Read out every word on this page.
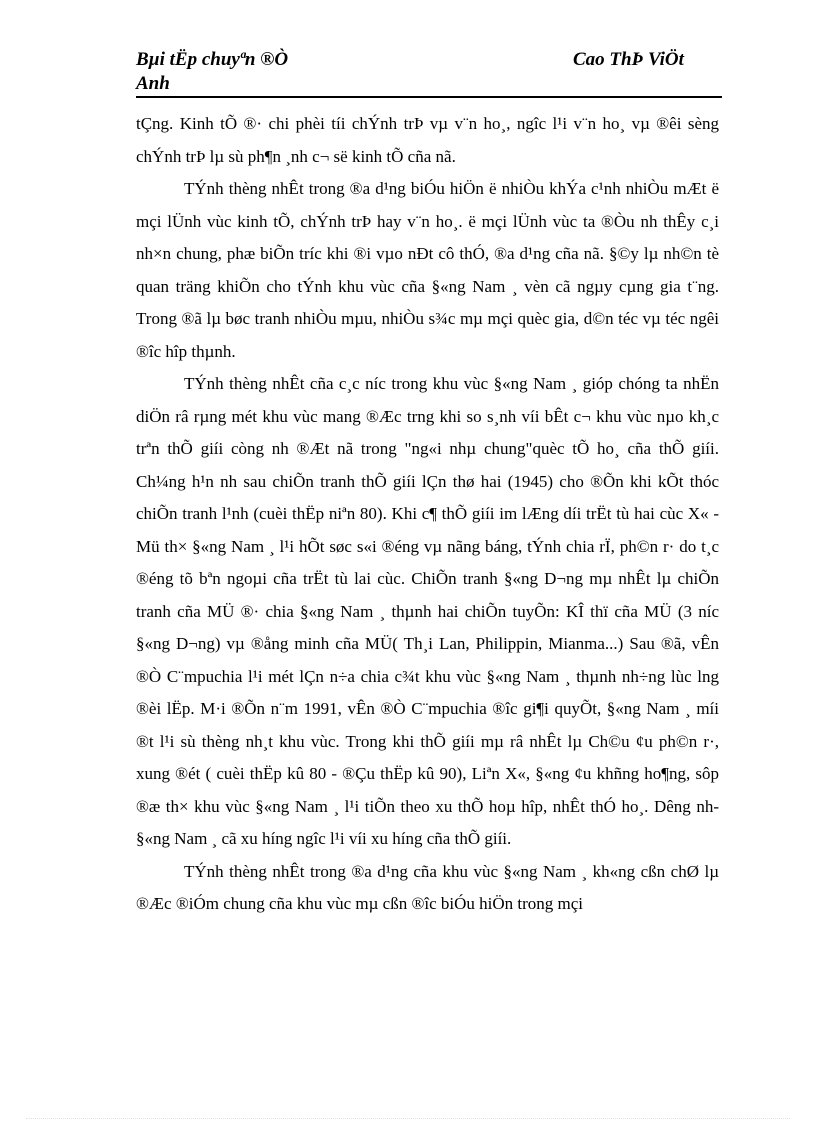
Bµi tËp chuyªn ®Ò
Anh
Cao ThÞ ViÖt

tÇng. Kinh tÕ ®· chi phèi tíi chÝnh trÞ vµ v¨n ho¸, ngîc l¹i v¨n ho¸ vµ ®êi sèng chÝnh trÞ lµ sù ph¶n ¸nh c¬ së kinh tÕ cña nã.

TÝnh thèng nhÊt trong ®a d¹ng biÓu hiÖn ë nhiÒu khÝa c¹nh nhiÒu mÆt ë mçi lÜnh vùc kinh tÕ, chÝnh trÞ hay v¨n ho¸. ë mçi lÜnh vùc ta ®Òu nh thÊy c¸i nh×n chung, phæ biÕn tríc khi ®i vµo nÐt cô thÓ, ®a d¹ng cña nã. §©y lµ nh©n tè quan träng khiÕn cho tÝnh khu vùc cña §«ng Nam ¸ vèn cã ngµy cµng gia t¨ng. Trong ®ã lµ bøc tranh nhiÒu mµu, nhiÒu s¾c mµ mçi quèc gia, d©n téc vµ téc ngêi ®îc hîp thµnh.

TÝnh thèng nhÊt cña c¸c níc trong khu vùc §«ng Nam ¸ gióp chóng ta nhËn diÖn râ rµng mét khu vùc mang ®Æc trng khi so s¸nh víi bÊt c¬ khu vùc nµo kh¸c trªn thÕ giíi còng nh ®Æt nã trong "ng«i nhµ chung"quèc tÕ ho¸ cña thÕ giíi. Ch¼ng h¹n nh sau chiÕn tranh thÕ giíi lÇn thø hai (1945) cho ®Õn khi kÕt thóc chiÕn tranh l¹nh (cuèi thËp niªn 80). Khi c¶ thÕ giíi im lÆng díi trËt tù hai cùc X« - Mü th× §«ng Nam ¸ l¹i hÕt søc s«i ®éng vµ nãng báng, tÝnh chia rÏ, ph©n r· do t¸c ®éng tõ bªn ngoµi cña trËt tù lai cùc. ChiÕn tranh §«ng D¬ng mµ nhÊt lµ chiÕn tranh cña MÜ ®· chia §«ng Nam ¸ thµnh hai chiÕn tuyÕn: KÎ thï cña MÜ (3 níc §«ng D¬ng) vµ ®ång minh cña MÜ( Th¸i Lan, Philippin, Mianma...) Sau ®ã, vÊn ®Ò C¨mpuchia l¹i mét lÇn n÷a chia c¾t khu vùc §«ng Nam ¸ thµnh nh÷ng lùc lng ®èi lËp. M·i ®Õn n¨m 1991, vÊn ®Ò C¨mpuchia ®îc gi¶i quyÕt, §«ng Nam ¸ míi ®t l¹i sù thèng nh¸t khu vùc. Trong khi thÕ giíi mµ râ nhÊt lµ Ch©u ¢u ph©n r·, xung ®ét ( cuèi thËp kû 80 - ®Çu thËp kû 90), Liªn X«, §«ng ¢u khñng ho¶ng, sôp ®æ th× khu vùc §«ng Nam ¸ l¹i tiÕn theo xu thÕ hoµ hîp, nhÊt thÓ ho¸. Dêng nh §«ng Nam ¸ cã xu híng ngîc l¹i víi xu híng cña thÕ giíi.

TÝnh thèng nhÊt trong ®a d¹ng cña khu vùc §«ng Nam ¸ kh«ng cßn chØ lµ ®Æc ®iÓm chung cña khu vùc mµ cßn ®îc biÓu hiÖn trong mçi
